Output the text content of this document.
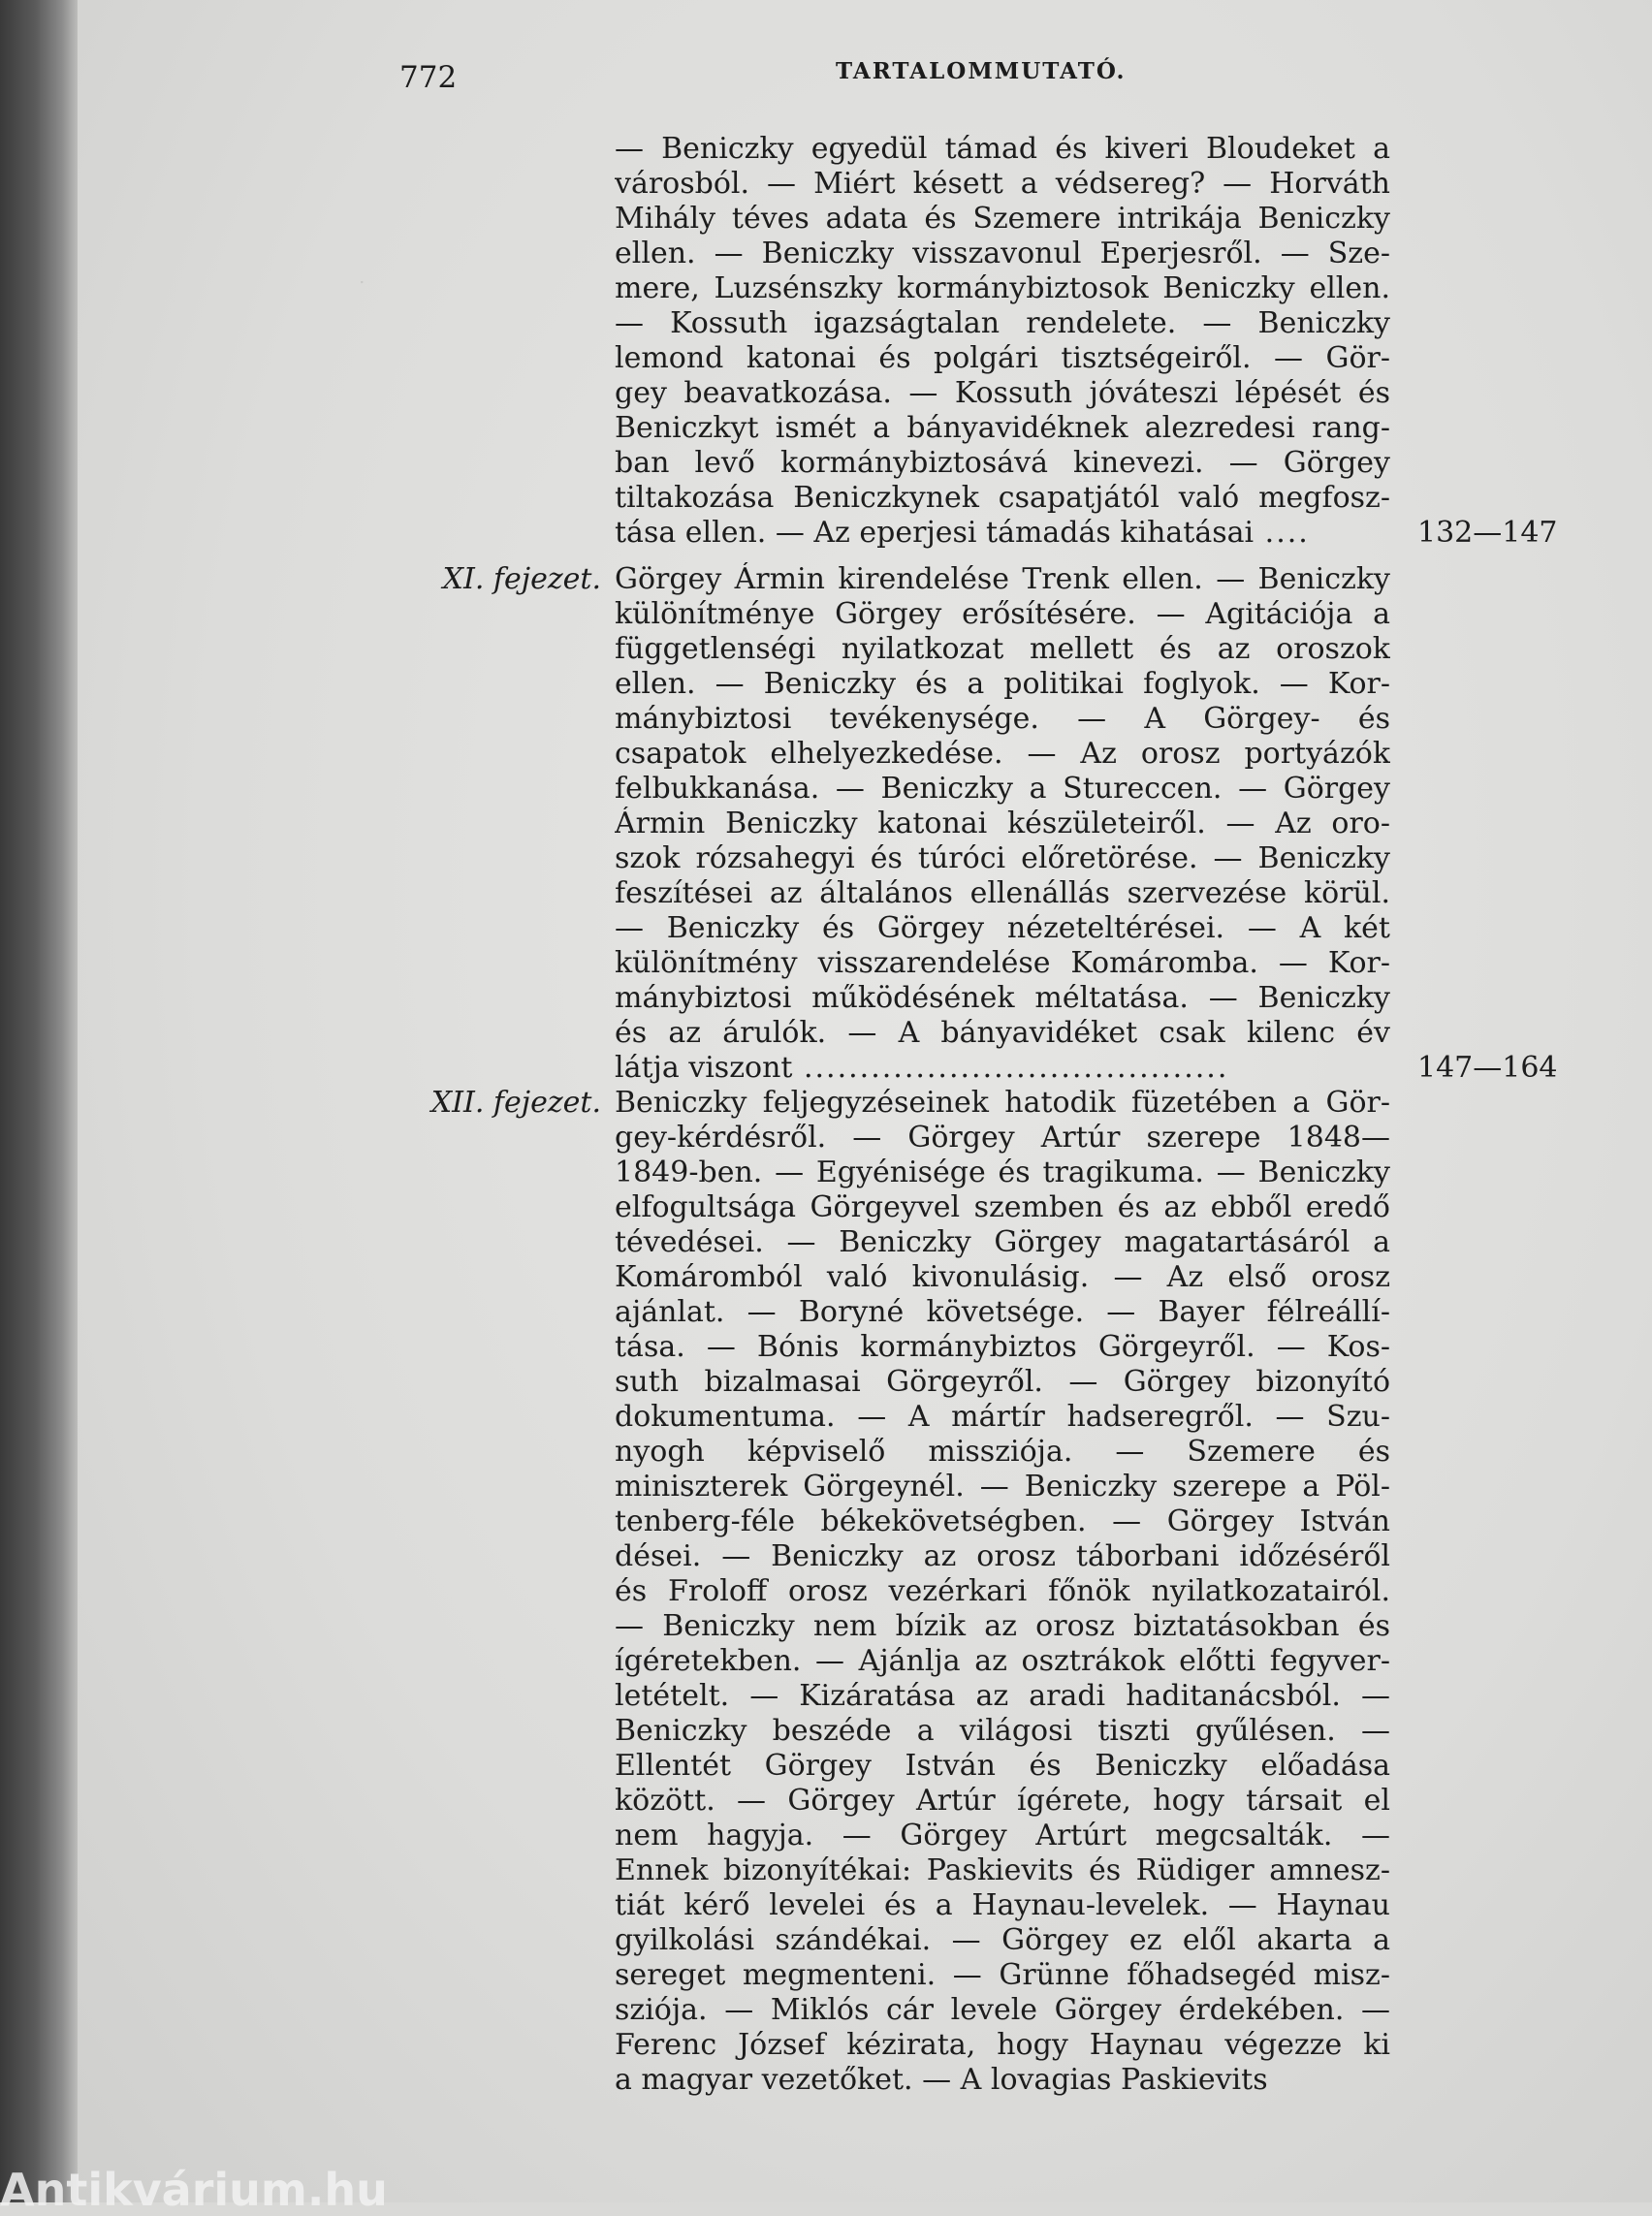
ᐧ
772	TARTALOMMUTATÓ.
— Beniczky egyedül támad és kiveri Bloudeket a
városból. — Miért késett a védsereg? — Horváth
Mihály téves adata és Szemere intrikája Beniczky
ellen. — Beniczky visszavonul Eperjesről. — Sze-
mere, Luzsénszky kormánybiztosok Beniczky ellen.
— Kossuth igazságtalan rendelete. — Beniczky
lemond katonai és polgári tisztségeiről. — Gör-
gey beavatkozása. — Kossuth jóváteszi lépését és
Beniczkyt ismét a bányavidéknek alezredesi rang-
ban levő kormánybiztosává kinevezi. — Görgey
tiltakozása Beniczkynek csapatjától való megfosz-
tása ellen. — Az eperjesi támadás kihatásai ....	132—147
XI. fejezet. Görgey Ármin kirendelése Trenk ellen. — Beniczky
különítménye Görgey erősítésére. — Agitációja a
függetlenségi nyilatkozat mellett és az oroszok
ellen. — Beniczky és a politikai foglyok. — Kor-
mánybiztosi tevékenysége. — A Görgey- és
csapatok elhelyezkedése. — Az orosz portyázók
felbukkanása. — Beniczky a Stureccen. — Görgey
Ármin Beniczky katonai készületeiről. — Az oro-
szok rózsahegyi és túróci előretörése. — Beniczky
feszítései az általános ellenállás szervezése körül.
— Beniczky és Görgey nézeteltérései. — A két
különítmény visszarendelése Komáromba. — Kor-
mánybiztosi működésének méltatása. — Beniczky
és az árulók. — A bányavidéket csak kilenc év
látja viszont ......................................	147—164
XII. fejezet. Beniczky feljegyzéseinek hatodik füzetében a Gör-
gey-kérdésről. — Görgey Artúr szerepe 1848—
1849-ben. — Egyénisége és tragikuma. — Beniczky
elfogultsága Görgeyvel szemben és az ebből eredő
tévedései. — Beniczky Görgey magatartásáról a
Komáromból való kivonulásig. — Az első orosz
ajánlat. — Boryné követsége. — Bayer félreállí-
tása. — Bónis kormánybiztos Görgeyről. — Kos-
suth bizalmasai Görgeyről. — Görgey bizonyító
dokumentuma. — A mártír hadseregről. — Szu-
nyogh képviselő missziója. — Szemere és
miniszterek Görgeynél. — Beniczky szerepe a Pöl-
tenberg-féle békekövetségben. — Görgey István
dései. — Beniczky az orosz táborbani időzéséről
és Froloff orosz vezérkari főnök nyilatkozatairól.
— Beniczky nem bízik az orosz biztatásokban és
ígéretekben. — Ajánlja az osztrákok előtti fegyver-
letételt. — Kizáratása az aradi haditanácsból. —
Beniczky beszéde a világosi tiszti gyűlésen. —
Ellentét Görgey István és Beniczky előadása
között. — Görgey Artúr ígérete, hogy társait el
nem hagyja. — Görgey Artúrt megcsalták. —
Ennek bizonyítékai: Paskievits és Rüdiger amnesz-
tiát kérő levelei és a Haynau-levelek. — Haynau
gyilkolási szándékai. — Görgey ez elől akarta a
sereget megmenteni. — Grünne főhadsegéd misz-
sziója. — Miklós cár levele Görgey érdekében. —
Ferenc József kézirata, hogy Haynau végezze ki
a magyar vezetőket. — A lovagias Paskievits
Antikvárium.hu
